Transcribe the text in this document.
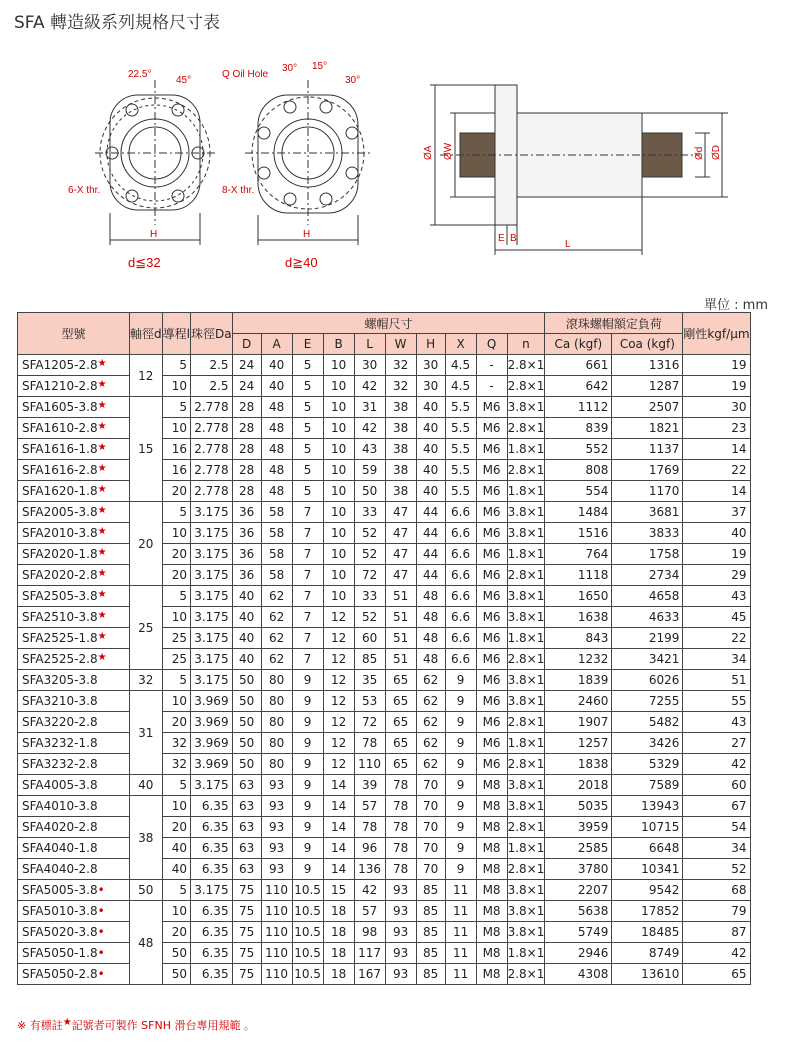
SFA 轉造級系列規格尺寸表
22.5°
45°
6-X thr.
H
Q Oil Hole
30° 15°
30°
8-X thr.
H	E B
L
ØA ØW	Ød ØD
d≦32	d≧40
單位 : mm
型號	軸徑d	導程l	珠徑Da	螺帽尺寸										滾珠螺帽額定負荷		剛性kgf/μm
				D	A	E	B	L	W	H	X	Q	n	Ca (kgf)	Coa (kgf)	
SFA1205-2.8★	12	5	2.5	24	40	5	10	30	32	30	4.5	-	2.8×1	661	1316	19
SFA1210-2.8★		10	2.5	24	40	5	10	42	32	30	4.5	-	2.8×1	642	1287	19
SFA1605-3.8★	15	5	2.778	28	48	5	10	31	38	40	5.5	M6	3.8×1	1112	2507	30
SFA1610-2.8★		10	2.778	28	48	5	10	42	38	40	5.5	M6	2.8×1	839	1821	23
SFA1616-1.8★		16	2.778	28	48	5	10	43	38	40	5.5	M6	1.8×1	552	1137	14
SFA1616-2.8★		16	2.778	28	48	5	10	59	38	40	5.5	M6	2.8×1	808	1769	22
SFA1620-1.8★		20	2.778	28	48	5	10	50	38	40	5.5	M6	1.8×1	554	1170	14
SFA2005-3.8★	20	5	3.175	36	58	7	10	33	47	44	6.6	M6	3.8×1	1484	3681	37
SFA2010-3.8★		10	3.175	36	58	7	10	52	47	44	6.6	M6	3.8×1	1516	3833	40
SFA2020-1.8★		20	3.175	36	58	7	10	52	47	44	6.6	M6	1.8×1	764	1758	19
SFA2020-2.8★		20	3.175	36	58	7	10	72	47	44	6.6	M6	2.8×1	1118	2734	29
SFA2505-3.8★	25	5	3.175	40	62	7	10	33	51	48	6.6	M6	3.8×1	1650	4658	43
SFA2510-3.8★		10	3.175	40	62	7	12	52	51	48	6.6	M6	3.8×1	1638	4633	45
SFA2525-1.8★		25	3.175	40	62	7	12	60	51	48	6.6	M6	1.8×1	843	2199	22
SFA2525-2.8★		25	3.175	40	62	7	12	85	51	48	6.6	M6	2.8×1	1232	3421	34
SFA3205-3.8	32	5	3.175	50	80	9	12	35	65	62	9	M6	3.8×1	1839	6026	51
SFA3210-3.8	31	10	3.969	50	80	9	12	53	65	62	9	M6	3.8×1	2460	7255	55
SFA3220-2.8		20	3.969	50	80	9	12	72	65	62	9	M6	2.8×1	1907	5482	43
SFA3232-1.8		32	3.969	50	80	9	12	78	65	62	9	M6	1.8×1	1257	3426	27
SFA3232-2.8		32	3.969	50	80	9	12	110	65	62	9	M6	2.8×1	1838	5329	42
SFA4005-3.8	40	5	3.175	63	93	9	14	39	78	70	9	M8	3.8×1	2018	7589	60
SFA4010-3.8	38	10	6.35	63	93	9	14	57	78	70	9	M8	3.8×1	5035	13943	67
SFA4020-2.8		20	6.35	63	93	9	14	78	78	70	9	M8	2.8×1	3959	10715	54
SFA4040-1.8		40	6.35	63	93	9	14	96	78	70	9	M8	1.8×1	2585	6648	34
SFA4040-2.8		40	6.35	63	93	9	14	136	78	70	9	M8	2.8×1	3780	10341	52
SFA5005-3.8•	50	5	3.175	75	110	10.5	15	42	93	85	11	M8	3.8×1	2207	9542	68
SFA5010-3.8•	48	10	6.35	75	110	10.5	18	57	93	85	11	M8	3.8×1	5638	17852	79
SFA5020-3.8•		20	6.35	75	110	10.5	18	98	93	85	11	M8	3.8×1	5749	18485	87
SFA5050-1.8•		50	6.35	75	110	10.5	18	117	93	85	11	M8	1.8×1	2946	8749	42
SFA5050-2.8•		50	6.35	75	110	10.5	18	167	93	85	11	M8	2.8×1	4308	13610	65
※ 有標註★記號者可製作 SFNH 滑台專用規範 。
